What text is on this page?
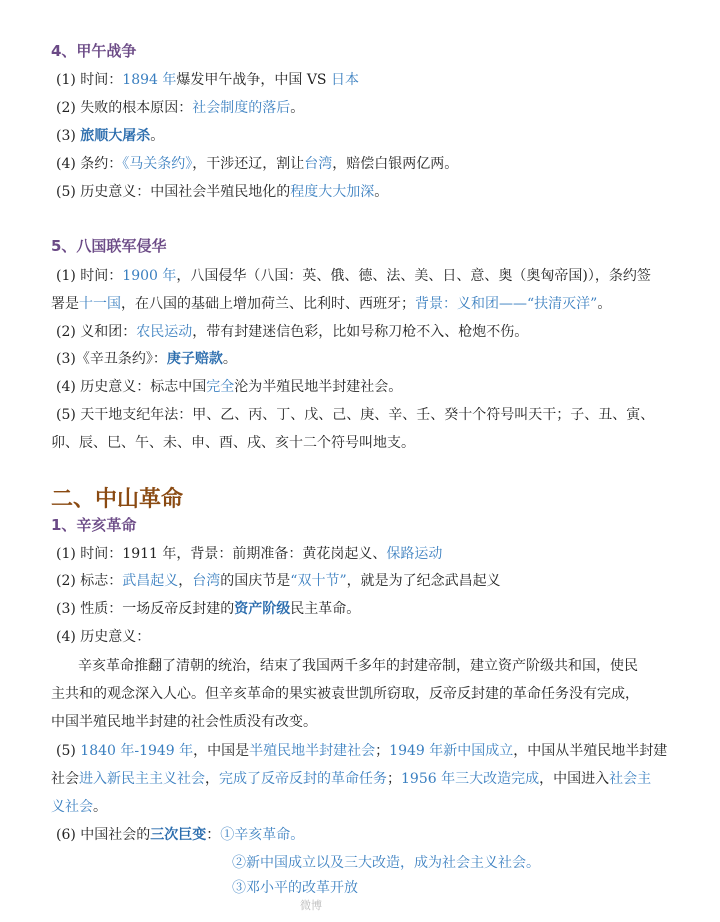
4、甲午战争
(1) 时间：1894 年爆发甲午战争，中国 VS 日本
(2) 失败的根本原因：社会制度的落后。
(3) 旅顺大屠杀。
(4) 条约：《马关条约》，干涉还辽，割让台湾，赔偿白银两亿两。
(5) 历史意义：中国社会半殖民地化的程度大大加深。
5、八国联军侵华
(1) 时间：1900 年，八国侵华（八国：英、俄、德、法、美、日、意、奥（奥匈帝国)），条约签
署是十一国，在八国的基础上增加荷兰、比利时、西班牙；背景：义和团——“扶清灭洋”。
(2) 义和团：农民运动，带有封建迷信色彩，比如号称刀枪不入、枪炮不伤。
(3)《辛丑条约》：庚子赔款。
(4) 历史意义：标志中国完全沦为半殖民地半封建社会。
(5) 天干地支纪年法：甲、乙、丙、丁、戊、己、庚、辛、壬、癸十个符号叫天干；子、丑、寅、
卯、辰、巳、午、未、申、酉、戌、亥十二个符号叫地支。
二、中山革命
1、辛亥革命
(1) 时间：1911 年，背景：前期准备：黄花岗起义、保路运动
(2) 标志：武昌起义，台湾的国庆节是“双十节”，就是为了纪念武昌起义
(3) 性质：一场反帝反封建的资产阶级民主革命。
(4) 历史意义：
辛亥革命推翻了清朝的统治，结束了我国两千多年的封建帝制，建立资产阶级共和国，使民
主共和的观念深入人心。但辛亥革命的果实被袁世凯所窃取，反帝反封建的革命任务没有完成，
中国半殖民地半封建的社会性质没有改变。
(5) 1840 年-1949 年，中国是半殖民地半封建社会；1949 年新中国成立，中国从半殖民地半封建
社会进入新民主主义社会，完成了反帝反封的革命任务；1956 年三大改造完成，中国进入社会主
义社会。
(6) 中国社会的三次巨变：①辛亥革命。
②新中国成立以及三大改造，成为社会主义社会。
③邓小平的改革开放
微博
